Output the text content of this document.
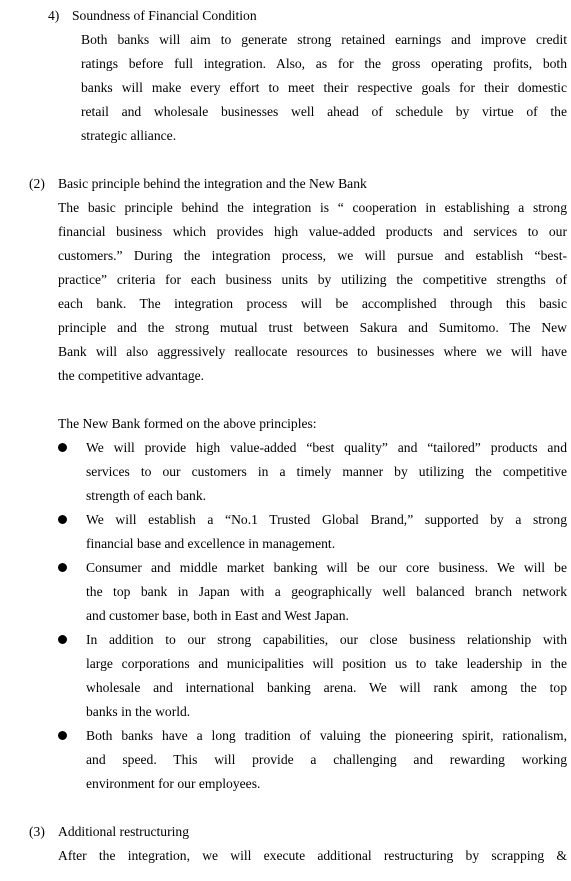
4) Soundness of Financial Condition
Both banks will aim to generate strong retained earnings and improve credit
ratings before full integration. Also, as for the gross operating profits, both
banks will make every effort to meet their respective goals for their domestic
retail and wholesale businesses well ahead of schedule by virtue of the
strategic alliance.
(2) Basic principle behind the integration and the New Bank
The basic principle behind the integration is “ cooperation in establishing a strong
financial business which provides high value-added products and services to our
customers.” During the integration process, we will pursue and establish “best-
practice” criteria for each business units by utilizing the competitive strengths of
each bank. The integration process will be accomplished through this basic
principle and the strong mutual trust between Sakura and Sumitomo. The New
Bank will also aggressively reallocate resources to businesses where we will have
the competitive advantage.
The New Bank formed on the above principles:
We will provide high value-added “best quality” and “tailored” products and
services to our customers in a timely manner by utilizing the competitive
strength of each bank.
We will establish a “No.1 Trusted Global Brand,” supported by a strong
financial base and excellence in management.
Consumer and middle market banking will be our core business. We will be
the top bank in Japan with a geographically well balanced branch network
and customer base, both in East and West Japan.
In addition to our strong capabilities, our close business relationship with
large corporations and municipalities will position us to take leadership in the
wholesale and international banking arena. We will rank among the top
banks in the world.
Both banks have a long tradition of valuing the pioneering spirit, rationalism,
and speed. This will provide a challenging and rewarding working
environment for our employees.
(3) Additional restructuring
After the integration, we will execute additional restructuring by scrapping &
